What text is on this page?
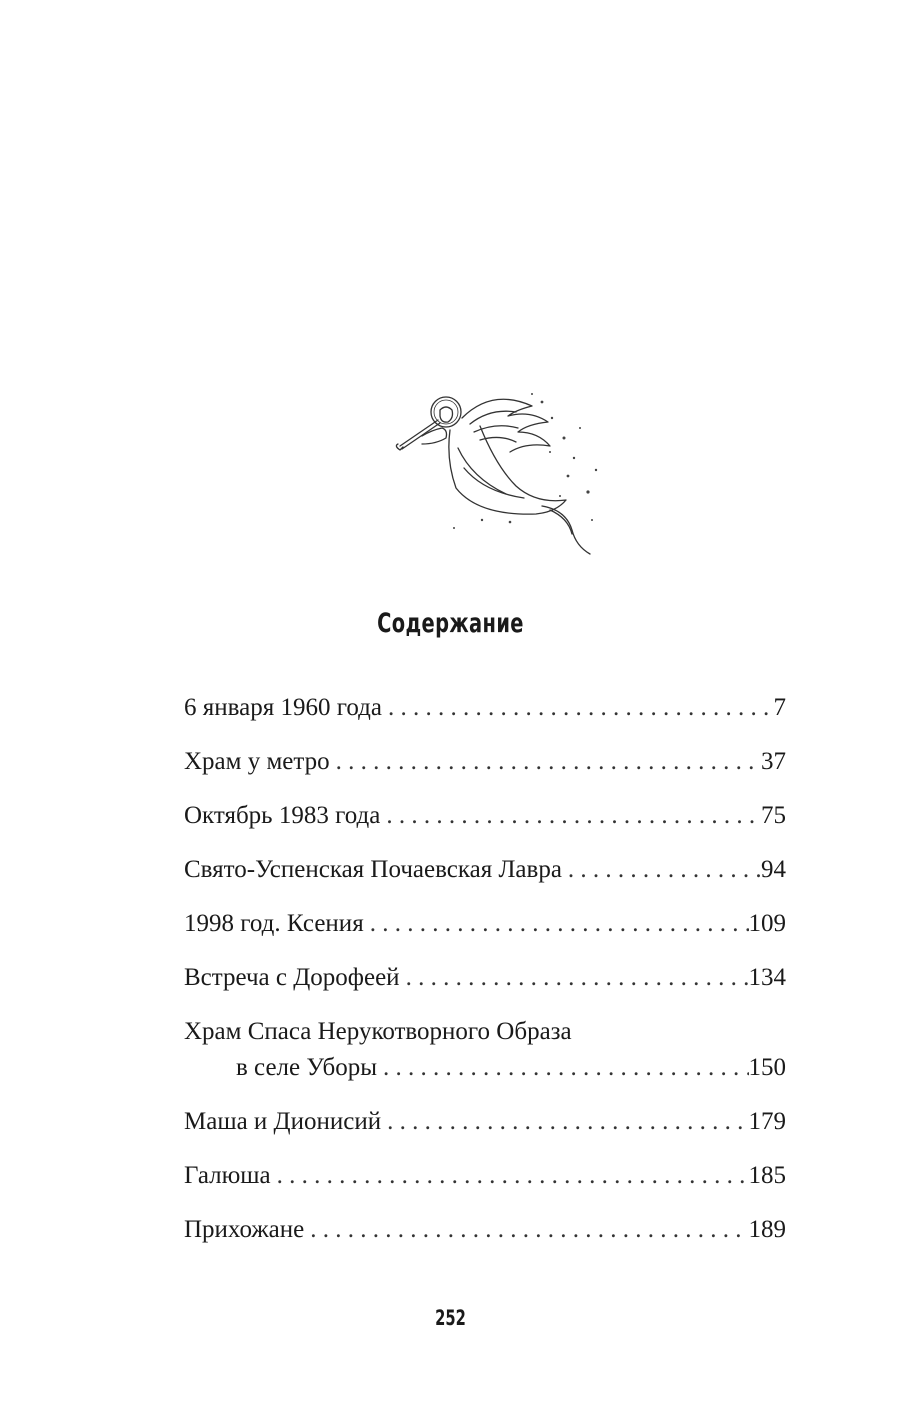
Содержание
6 января 1960 года . . .	7
Храм у метро . . .	37
Октябрь 1983 года . . .	75
Свято-Успенская Почаевская Лавра . . .	94
1998 год. Ксения . . .	109
Встреча с Дорофеей . . .	134
Храм Спаса Нерукотворного Образа
в селе Уборы . . .	150
Маша и Дионисий . . .	179
Галюша . . .	185
Прихожане . . .	189
252
